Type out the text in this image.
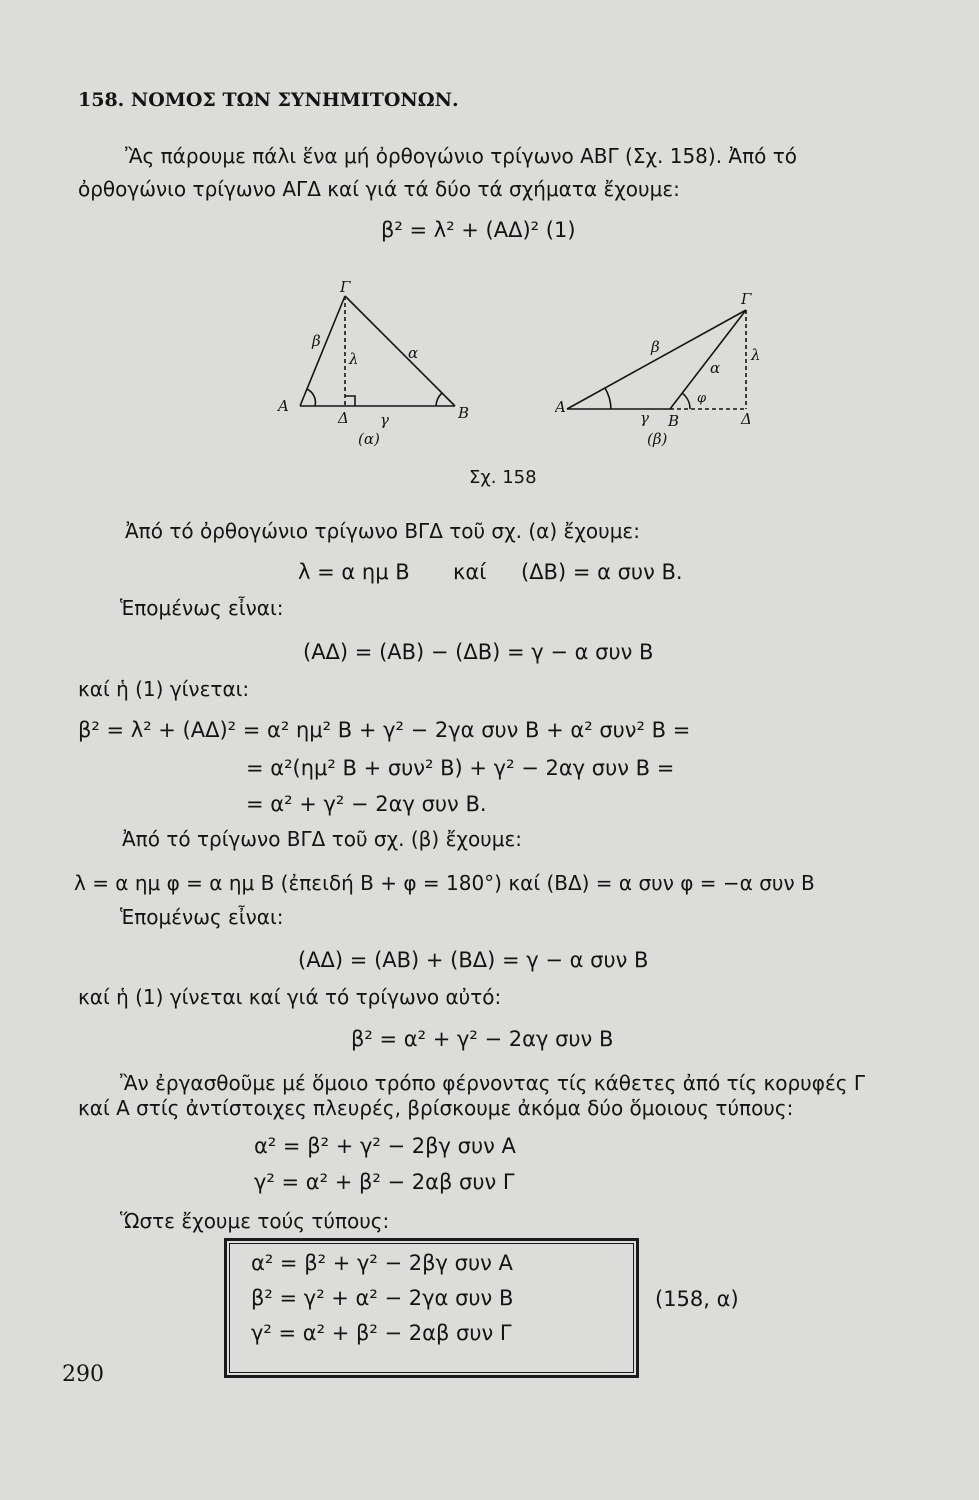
158. ΝΟΜΟΣ ΤΩΝ ΣΥΝΗΜΙΤΟΝΩΝ.
Ἂς πάρουμε πάλι ἕνα μή ὀρθογώνιο τρίγωνο ΑΒΓ (Σχ. 158). Ἀπό τό
ὀρθογώνιο τρίγωνο ΑΓΔ καί γιά τά δύο τά σχήματα ἔχουμε:
β² = λ² + (ΑΔ)² (1)
Γ
Α
Δ	Β
β
α
λ
γ
(α)
Γ
Α
Β	Δ
β
α
λ
γ
φ
(β)
Σχ. 158
Ἀπό τό ὀρθογώνιο τρίγωνο ΒΓΔ τοῦ σχ. (α) ἔχουμε:
λ = α ημ Β καί (ΔΒ) = α συν Β.
Ἑπομένως εἶναι:
(ΑΔ) = (ΑΒ) − (ΔΒ) = γ − α συν Β
καί ἡ (1) γίνεται:
β² = λ² + (ΑΔ)² = α² ημ² Β + γ² − 2γα συν Β + α² συν² Β =
= α²(ημ² Β + συν² Β) + γ² − 2αγ συν Β =
= α² + γ² − 2αγ συν Β.
Ἀπό τό τρίγωνο ΒΓΔ τοῦ σχ. (β) ἔχουμε:
λ = α ημ φ = α ημ Β (ἐπειδή Β + φ = 180°) καί (ΒΔ) = α συν φ = −α συν Β
Ἑπομένως εἶναι:
(ΑΔ) = (ΑΒ) + (ΒΔ) = γ − α συν Β
καί ἡ (1) γίνεται καί γιά τό τρίγωνο αὐτό:
β² = α² + γ² − 2αγ συν Β
Ἂν ἐργασθοῦμε μέ ὅμοιο τρόπο φέρνοντας τίς κάθετες ἀπό τίς κορυφές Γ
καί Α στίς ἀντίστοιχες πλευρές, βρίσκουμε ἀκόμα δύο ὅμοιους τύπους:
α² = β² + γ² − 2βγ συν Α
γ² = α² + β² − 2αβ συν Γ
Ὥστε ἔχουμε τούς τύπους:
α² = β² + γ² − 2βγ συν Α
β² = γ² + α² − 2γα συν Β
γ² = α² + β² − 2αβ συν Γ
(158, α)
290
